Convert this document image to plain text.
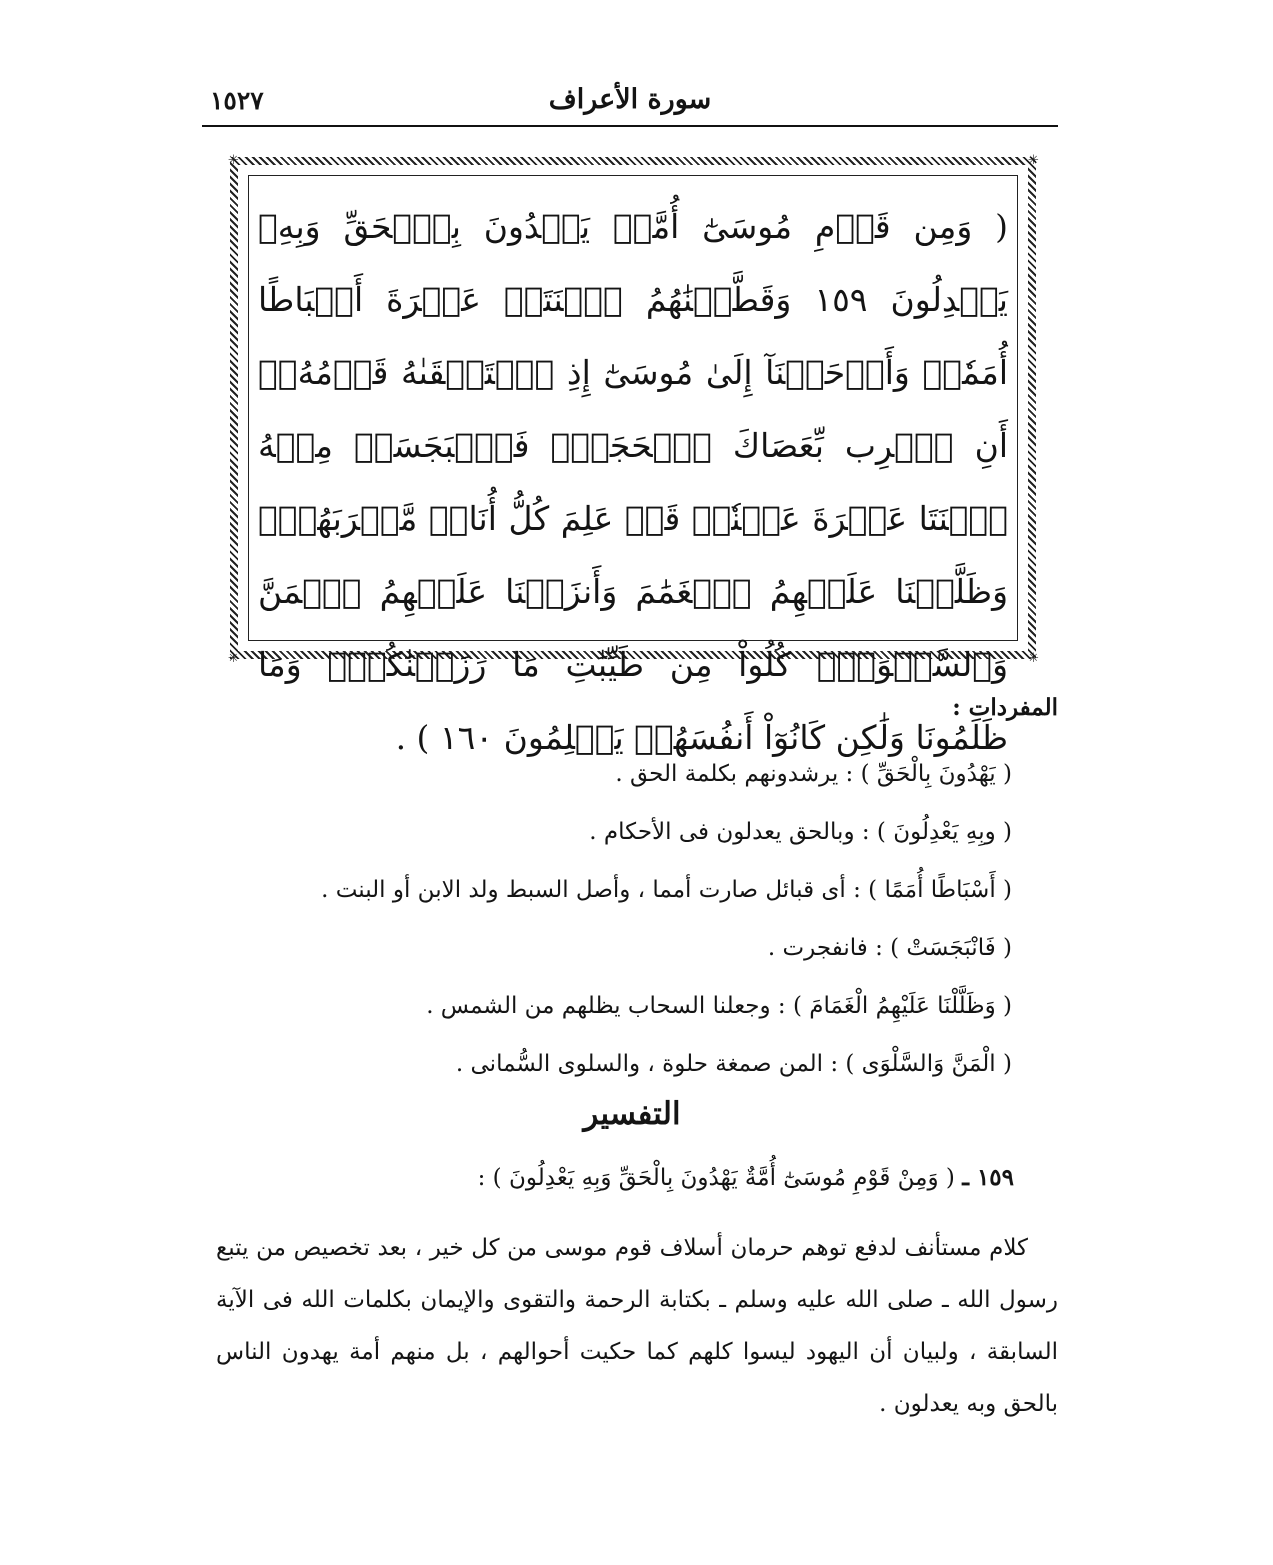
سورة الأعراف
١٥٢٧
✳	✳
✳	✳
( وَمِن قَوۡمِ مُوسَىٰٓ أُمَّةٞ يَهۡدُونَ بِٱلۡحَقِّ وَبِهِۦ يَعۡدِلُونَ ١٥٩ وَقَطَّعۡنَٰهُمُ ٱثۡنَتَيۡ عَشۡرَةَ أَسۡبَاطًا أُمَمٗاۚ وَأَوۡحَيۡنَآ إِلَىٰ مُوسَىٰٓ إِذِ ٱسۡتَسۡقَىٰهُ قَوۡمُهُۥٓ أَنِ ٱضۡرِب بِّعَصَاكَ ٱلۡحَجَرَۖ فَٱنۢبَجَسَتۡ مِنۡهُ ٱثۡنَتَا عَشۡرَةَ عَيۡنٗاۖ قَدۡ عَلِمَ كُلُّ أُنَاسٖ مَّشۡرَبَهُمۡۚ وَظَلَّلۡنَا عَلَيۡهِمُ ٱلۡغَمَٰمَ وَأَنزَلۡنَا عَلَيۡهِمُ ٱلۡمَنَّ وَٱلسَّلۡوَىٰۖ كُلُواْ مِن طَيِّبَٰتِ مَا رَزَقۡنَٰكُمۡۚ وَمَا ظَلَمُونَا وَلَٰكِن كَانُوٓاْ أَنفُسَهُمۡ يَظۡلِمُونَ ١٦٠ ) .
المفردات :
( يَهْدُونَ بِالْحَقِّ ) : يرشدونهم بكلمة الحق .
( وبِهِ يَعْدِلُونَ ) : وبالحق يعدلون فى الأحكام .
( أَسْبَاطًا أُمَمًا ) : أى قبائل صارت أمما ، وأصل السبط ولد الابن أو البنت .
( فَانْبَجَسَتْ ) : فانفجرت .
( وَظَلَّلْنَا عَلَيْهِمُ الْغَمَامَ ) : وجعلنا السحاب يظلهم من الشمس .
( الْمَنَّ وَالسَّلْوَى ) : المن صمغة حلوة ، والسلوى السُّمانى .
التفسير
١٥٩ ـ ( وَمِنْ قَوْمِ مُوسَىٰٓ أُمَّةٌ يَهْدُونَ بِالْحَقِّ وَبِهِ يَعْدِلُونَ ) :

كلام مستأنف لدفع توهم حرمان أسلاف قوم موسى من كل خير ، بعد تخصيص من يتبع رسول الله ـ صلى الله عليه وسلم ـ بكتابة الرحمة والتقوى والإيمان بكلمات الله فى الآية السابقة ، ولبيان أن اليهود ليسوا كلهم كما حكيت أحوالهم ، بل منهم أمة يهدون الناس بالحق وبه يعدلون .
